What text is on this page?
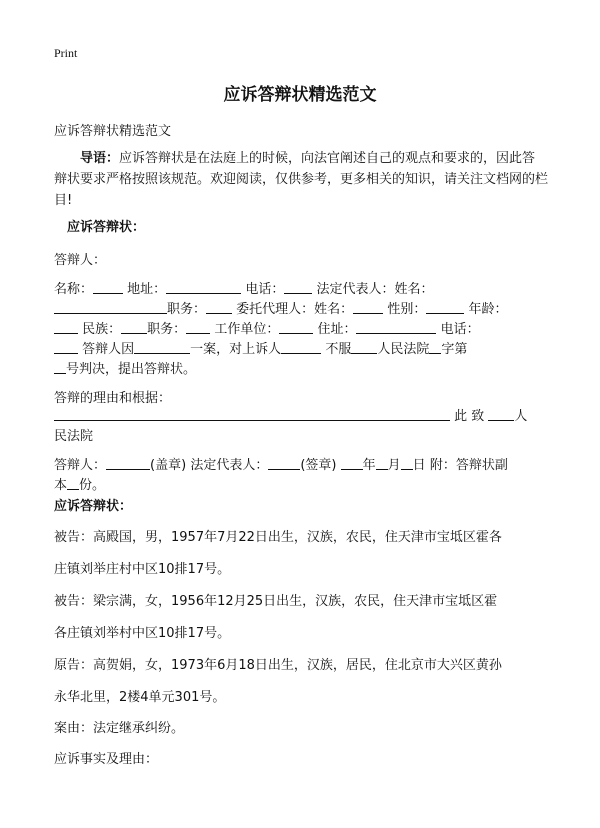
Print
应诉答辩状精选范文
应诉答辩状精选范文
导语：应诉答辩状是在法庭上的时候，向法官阐述自己的观点和要求的，因此答辩状要求严格按照该规范。欢迎阅读，仅供参考，更多相关的知识，请关注文档网的栏目!
应诉答辩状：
答辩人：
名称：	地址：	电话： 法定代表人：姓名：
职务： 委托代理人：姓名：	性别：	年龄：
民族： 职务： 工作单位：	住址：	电话：
答辩人因	一案，对上诉人	不服 人民法院 字第
号判决，提出答辩状。
答辩的理由和根据：
此 致 人
民法院
答辩人：	(盖章) 法定代表人： (签章) 年 月 日 附：答辩状副
本 份。
应诉答辩状：
被告：高殿国，男，1957年7月22日出生，汉族，农民，住天津市宝坻区霍各
庄镇刘举庄村中区10排17号。
被告：梁宗满，女，1956年12月25日出生，汉族，农民，住天津市宝坻区霍
各庄镇刘举村中区10排17号。
原告：高贺娟，女，1973年6月18日出生，汉族，居民，住北京市大兴区黄孙
永华北里，2楼4单元301号。
案由：法定继承纠纷。
应诉事实及理由：
